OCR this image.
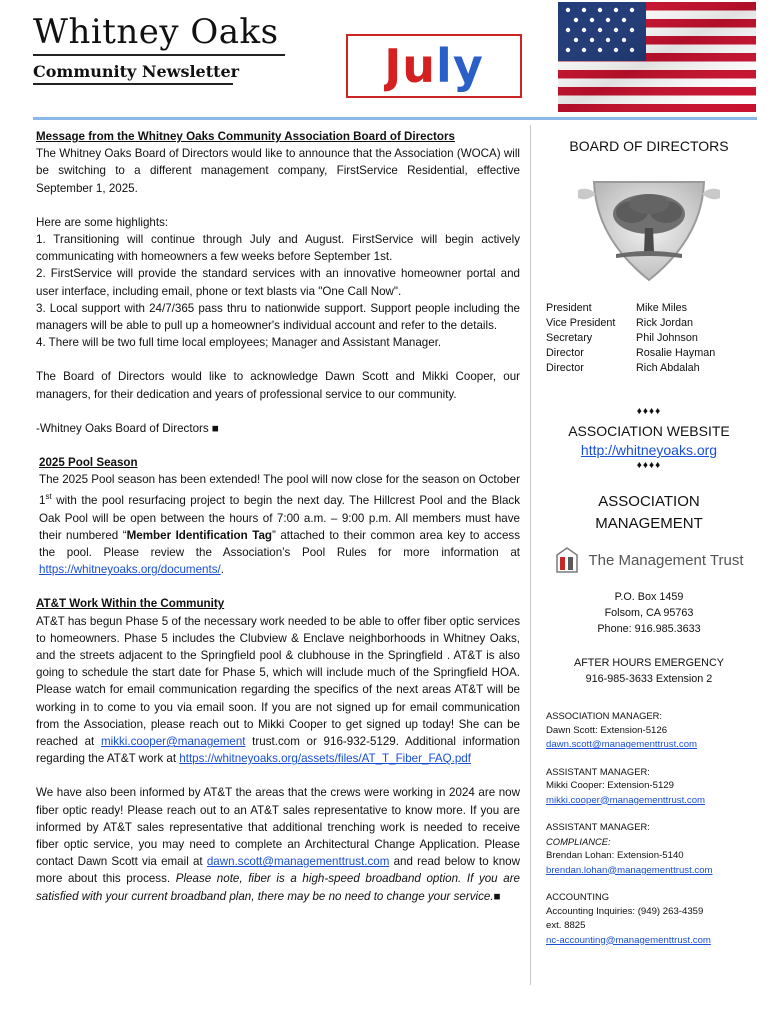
Whitney Oaks
Community Newsletter	July
Message from the Whitney Oaks Community Association Board of Directors

The Whitney Oaks Board of Directors would like to announce that the Association (WOCA) will be switching to a different management company, FirstService Residential, effective September 1, 2025.

Here are some highlights:

1. Transitioning will continue through July and August. FirstService will begin actively communicating with homeowners a few weeks before September 1st.

2. FirstService will provide the standard services with an innovative homeowner portal and user interface, including email, phone or text blasts via "One Call Now".

3. Local support with 24/7/365 pass thru to nationwide support. Support people including the managers will be able to pull up a homeowner's individual account and refer to the details.

4. There will be two full time local employees; Manager and Assistant Manager.

The Board of Directors would like to acknowledge Dawn Scott and Mikki Cooper, our managers, for their dedication and years of professional service to our community.

-Whitney Oaks Board of Directors ■

2025 Pool Season

The 2025 Pool season has been extended! The pool will now close for the season on October 1st with the pool resurfacing project to begin the next day. The Hillcrest Pool and the Black Oak Pool will be open between the hours of 7:00 a.m. – 9:00 p.m. All members must have their numbered “Member Identification Tag” attached to their common area key to access the pool. Please review the Association’s Pool Rules for more information at https://whitneyoaks.org/documents/.

AT&T Work Within the Community

AT&T has begun Phase 5 of the necessary work needed to be able to offer fiber optic services to homeowners. Phase 5 includes the Clubview & Enclave neighborhoods in Whitney Oaks, and the streets adjacent to the Springfield pool & clubhouse in the Springfield . AT&T is also going to schedule the start date for Phase 5, which will include much of the Springfield HOA. Please watch for email communication regarding the specifics of the next areas AT&T will be working in to come to you via email soon. If you are not signed up for email communication from the Association, please reach out to Mikki Cooper to get signed up today! She can be reached at mikki.cooper@management trust.com or 916-932-5129. Additional information regarding the AT&T work at https://whitneyoaks.org/assets/files/AT_T_Fiber_FAQ.pdf

We have also been informed by AT&T the areas that the crews were working in 2024 are now fiber optic ready! Please reach out to an AT&T sales representative to know more. If you are informed by AT&T sales representative that additional trenching work is needed to receive fiber optic service, you may need to complete an Architectural Change Application. Please contact Dawn Scott via email at dawn.scott@managementtrust.com and read below to know more about this process. Please note, fiber is a high-speed broadband option. If you are satisfied with your current broadband plan, there may be no need to change your service.■

BOARD OF DIRECTORS
President	Mike Miles
Vice President	Rick Jordan
Secretary	Phil Johnson
Director	Rosalie Hayman
Director	Rich Abdalah
♦♦♦♦
ASSOCIATION WEBSITE
http://whitneyoaks.org
♦♦♦♦
ASSOCIATION
MANAGEMENT
The Management Trust
P.O. Box 1459
Folsom, CA 95763
Phone: 916.985.3633
AFTER HOURS EMERGENCY
916-985-3633 Extension 2
ASSOCIATION MANAGER:
Dawn Scott: Extension-5126
dawn.scott@managementtrust.com
ASSISTANT MANAGER:
Mikki Cooper: Extension-5129
mikki.cooper@managementtrust.com
ASSISTANT MANAGER:
COMPLIANCE:
Brendan Lohan: Extension-5140
brendan.lohan@managementtrust.com
ACCOUNTING
Accounting Inquiries: (949) 263-4359
ext. 8825
nc-accounting@managementtrust.com
